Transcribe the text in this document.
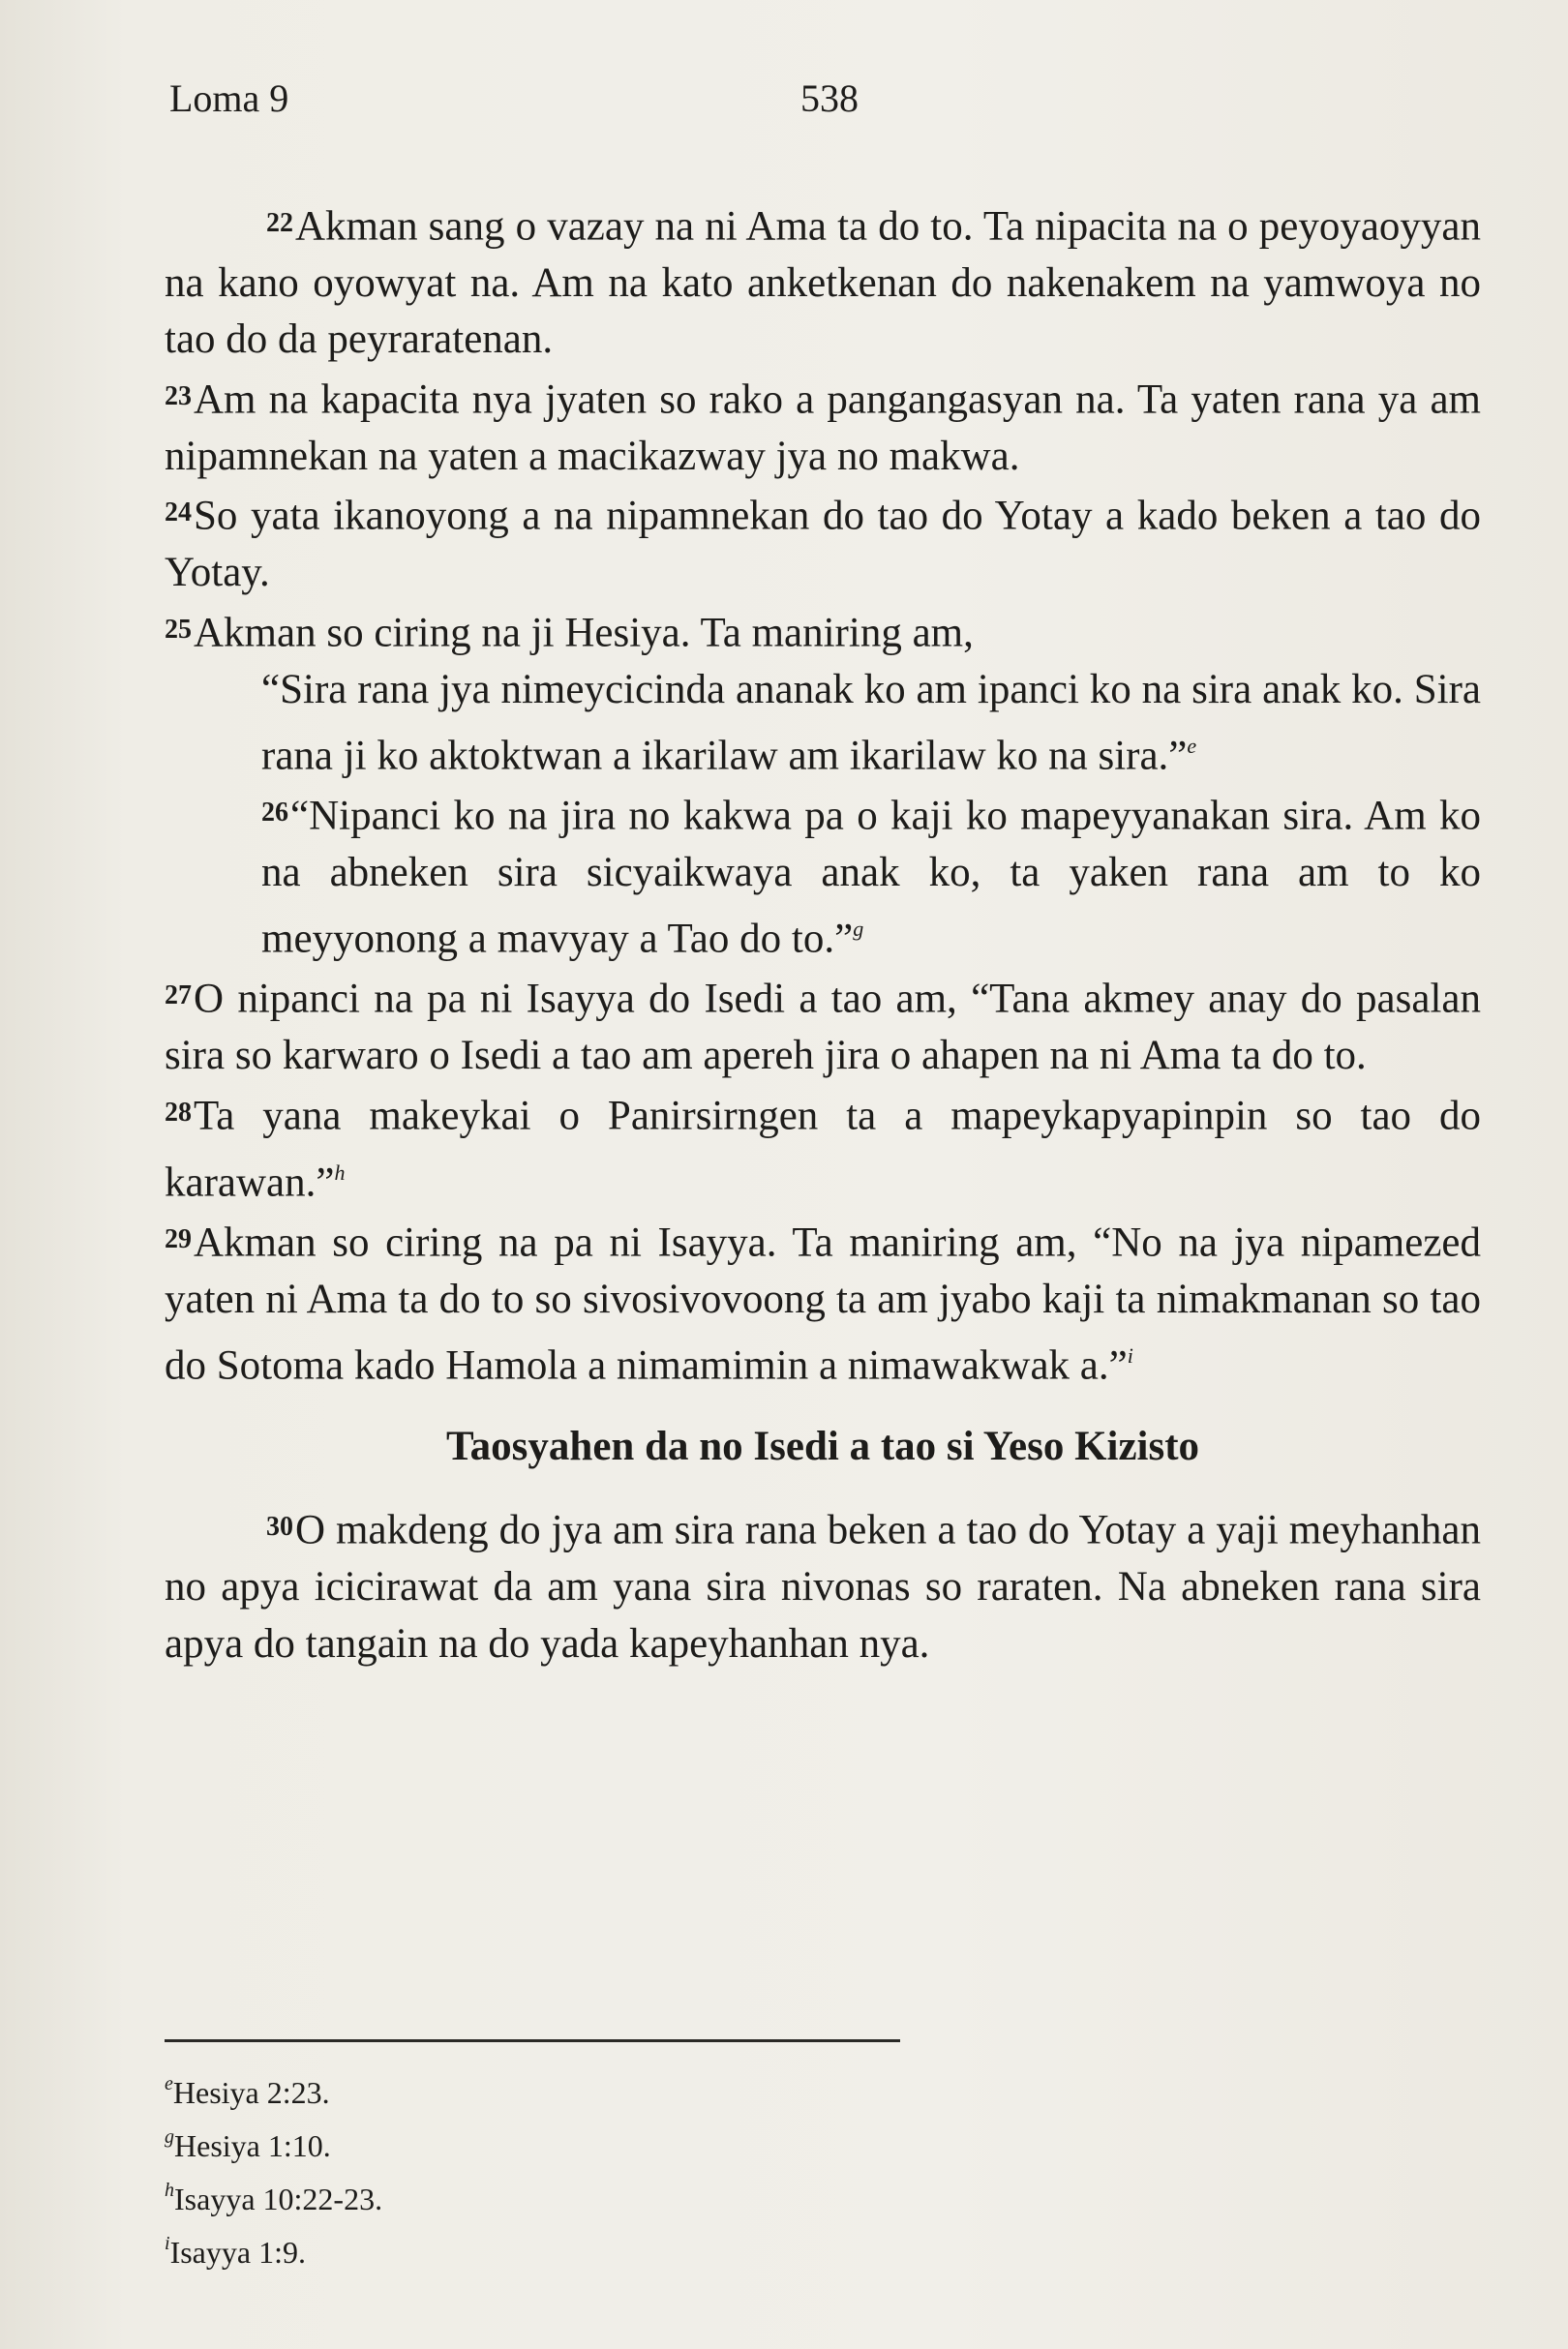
Loma 9	538

22Akman sang o vazay na ni Ama ta do to. Ta nipacita na o peyoyaoyyan na kano oyowyat na. Am na kato anketkenan do nakenakem na yamwoya no tao do da peyraratenan.

23Am na kapacita nya jyaten so rako a pangangasyan na. Ta yaten rana ya am nipamnekan na yaten a macikazway jya no makwa.

24So yata ikanoyong a na nipamnekan do tao do Yotay a kado beken a tao do Yotay.

25Akman so ciring na ji Hesiya. Ta maniring am,

“Sira rana jya nimeycicinda ananak ko am ipanci ko na sira anak ko. Sira rana ji ko aktoktwan a ikarilaw am ikarilaw ko na sira.”$^e$

26“Nipanci ko na jira no kakwa pa o kaji ko mapeyyanakan sira. Am ko na abneken sira sicyaikwaya anak ko, ta yaken rana am to ko meyyonong a mavyay a Tao do to.”$^g$

27O nipanci na pa ni Isayya do Isedi a tao am, “Tana akmey anay do pasalan sira so karwaro o Isedi a tao am apereh jira o ahapen na ni Ama ta do to.

28Ta yana makeykai o Panirsirngen ta a mapeykapyapinpin so tao do karawan.”$^h$

29Akman so ciring na pa ni Isayya. Ta maniring am, “No na jya nipamezed yaten ni Ama ta do to so sivosivovoong ta am jyabo kaji ta nimakmanan so tao do Sotoma kado Hamola a nimamimin a nimawakwak a.”$^i$

Taosyahen da no Isedi a tao si Yeso Kizisto

30O makdeng do jya am sira rana beken a tao do Yotay a yaji meyhanhan no apya icicirawat da am yana sira nivonas so raraten. Na abneken rana sira apya do tangain na do yada kapeyhanhan nya.

$^e$Hesiya 2:23.

$^g$Hesiya 1:10.

$^h$Isayya 10:22-23.

$^i$Isayya 1:9.
